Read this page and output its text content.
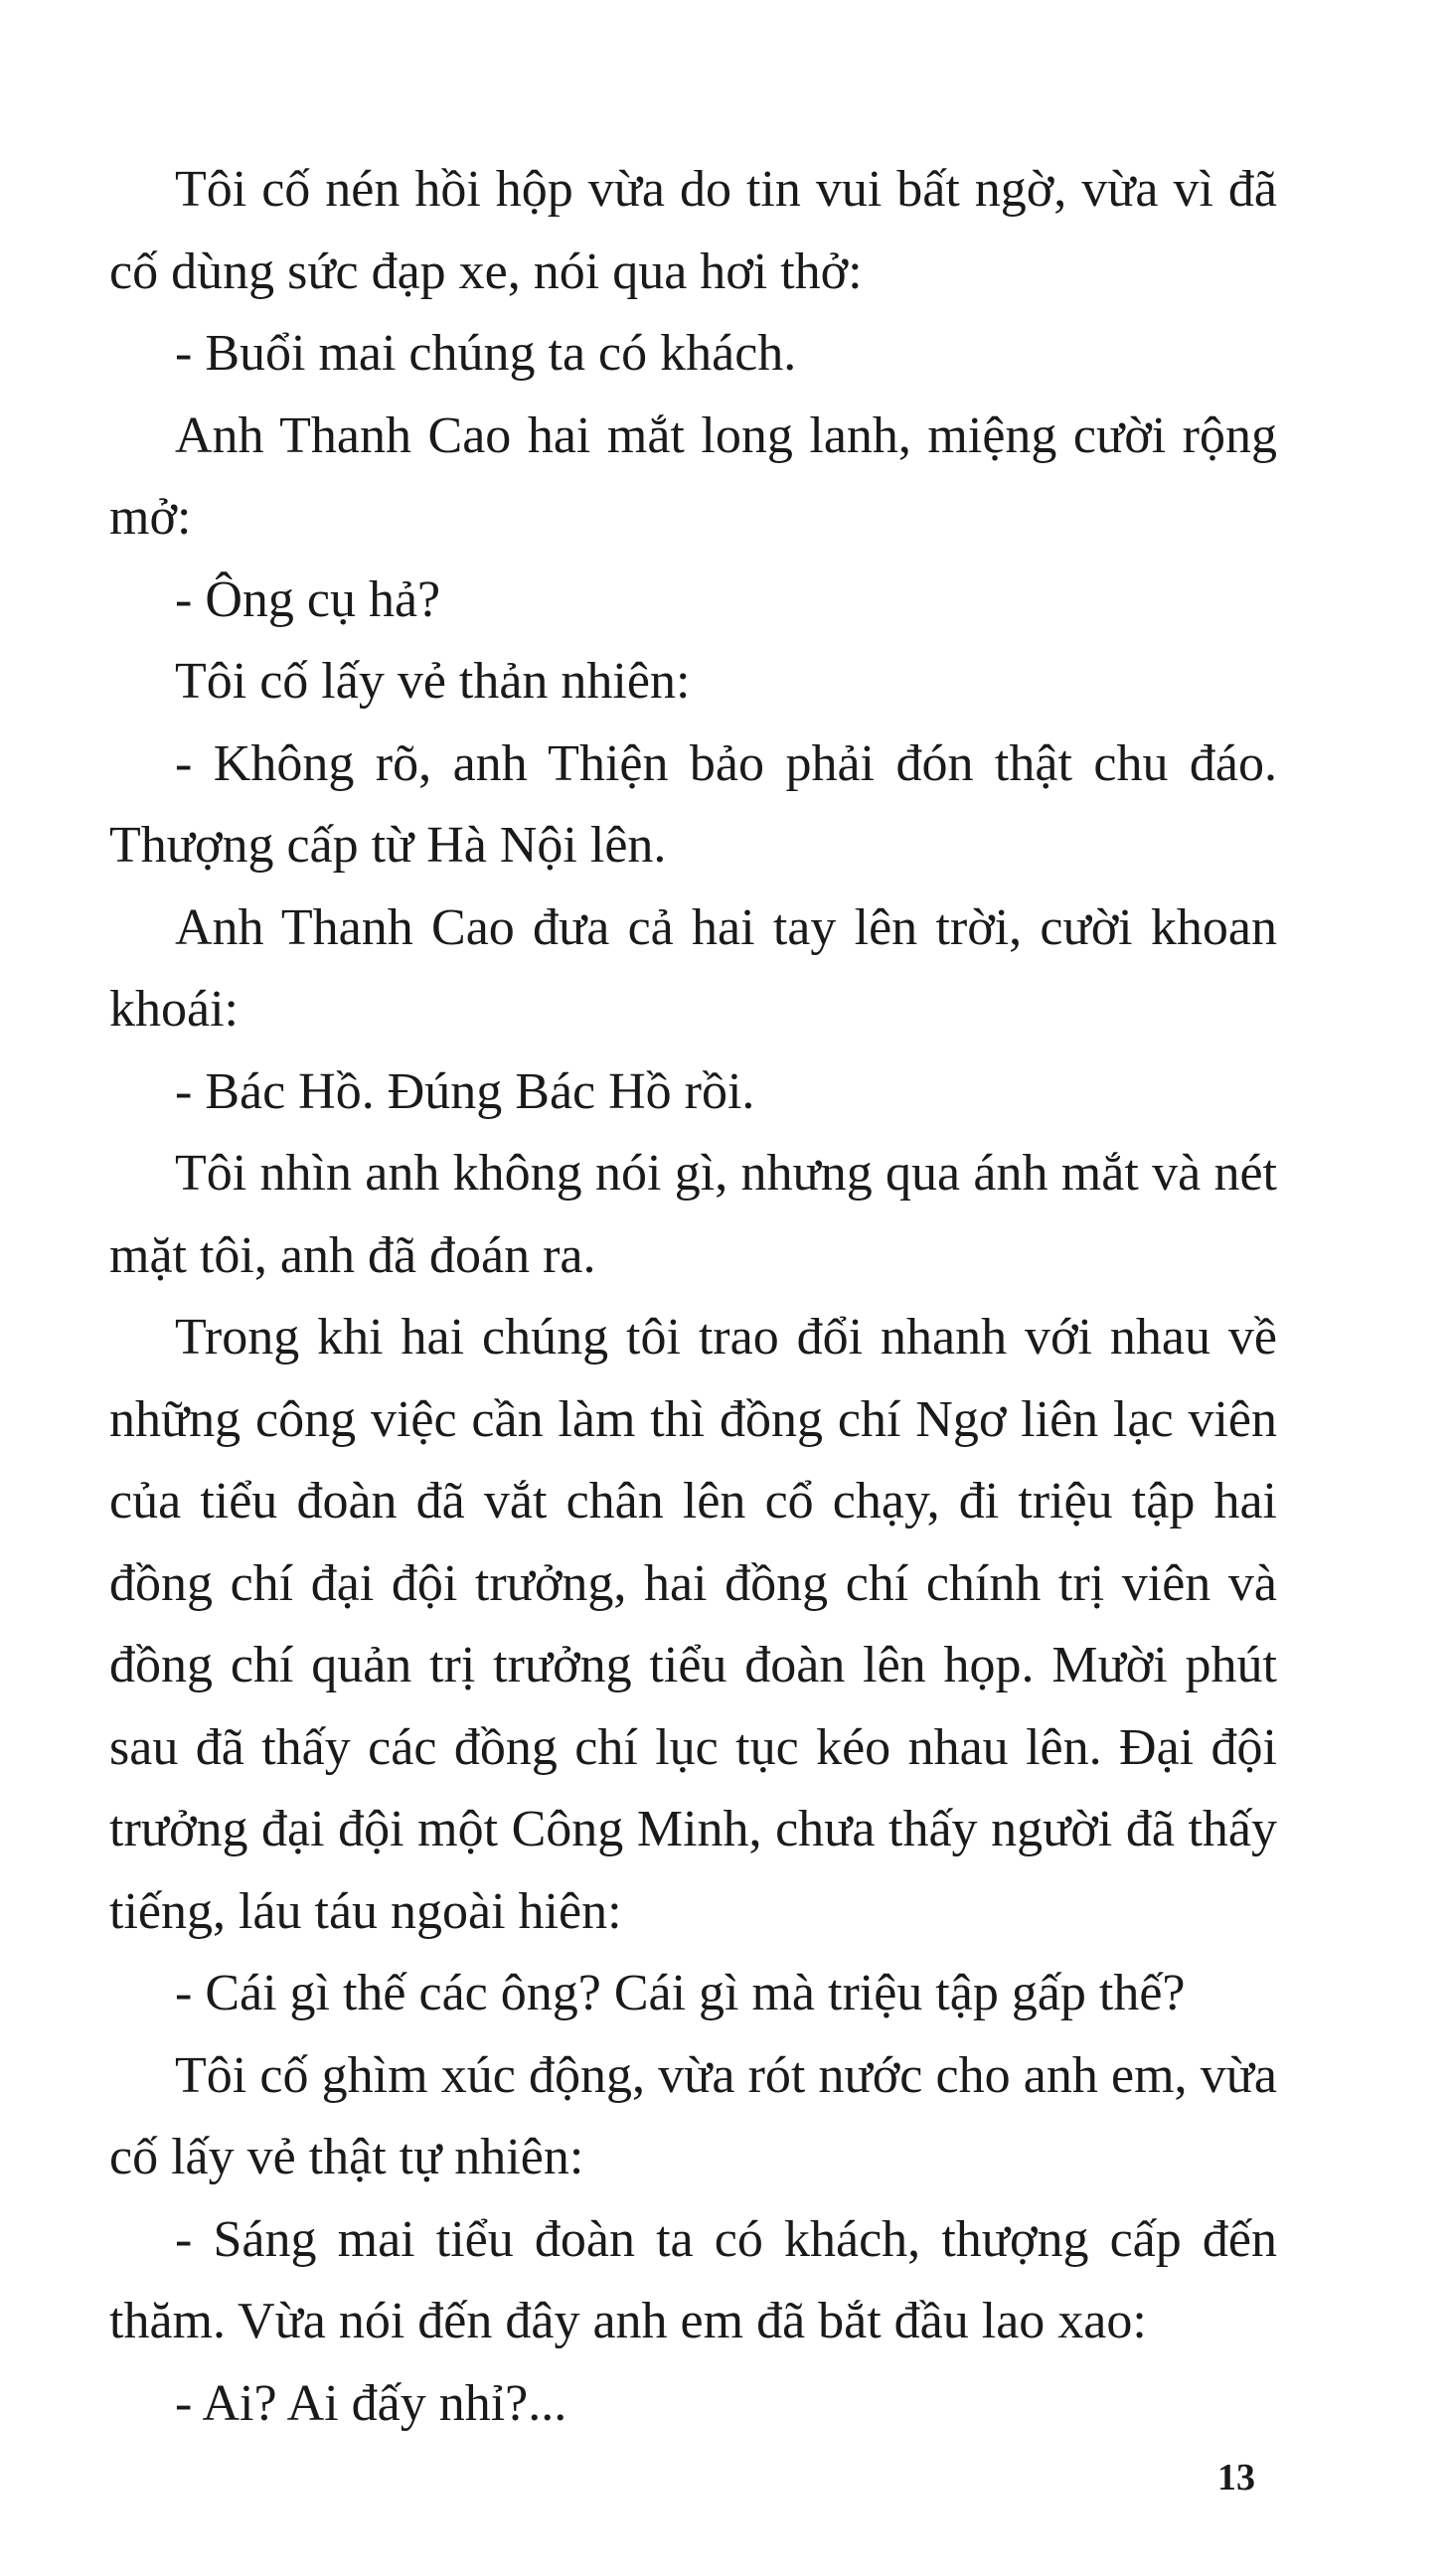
Tôi cố nén hồi hộp vừa do tin vui bất ngờ, vừa vì đã cố dùng sức đạp xe, nói qua hơi thở:

- Buổi mai chúng ta có khách.

Anh Thanh Cao hai mắt long lanh, miệng cười rộng mở:

- Ông cụ hả?

Tôi cố lấy vẻ thản nhiên:

- Không rõ, anh Thiện bảo phải đón thật chu đáo. Thượng cấp từ Hà Nội lên.

Anh Thanh Cao đưa cả hai tay lên trời, cười khoan khoái:

- Bác Hồ. Đúng Bác Hồ rồi.

Tôi nhìn anh không nói gì, nhưng qua ánh mắt và nét mặt tôi, anh đã đoán ra.

Trong khi hai chúng tôi trao đổi nhanh với nhau về những công việc cần làm thì đồng chí Ngơ liên lạc viên của tiểu đoàn đã vắt chân lên cổ chạy, đi triệu tập hai đồng chí đại đội trưởng, hai đồng chí chính trị viên và đồng chí quản trị trưởng tiểu đoàn lên họp. Mười phút sau đã thấy các đồng chí lục tục kéo nhau lên. Đại đội trưởng đại đội một Công Minh, chưa thấy người đã thấy tiếng, láu táu ngoài hiên:

- Cái gì thế các ông? Cái gì mà triệu tập gấp thế?

Tôi cố ghìm xúc động, vừa rót nước cho anh em, vừa cố lấy vẻ thật tự nhiên:

- Sáng mai tiểu đoàn ta có khách, thượng cấp đến thăm. Vừa nói đến đây anh em đã bắt đầu lao xao:

- Ai? Ai đấy nhỉ?...

13
